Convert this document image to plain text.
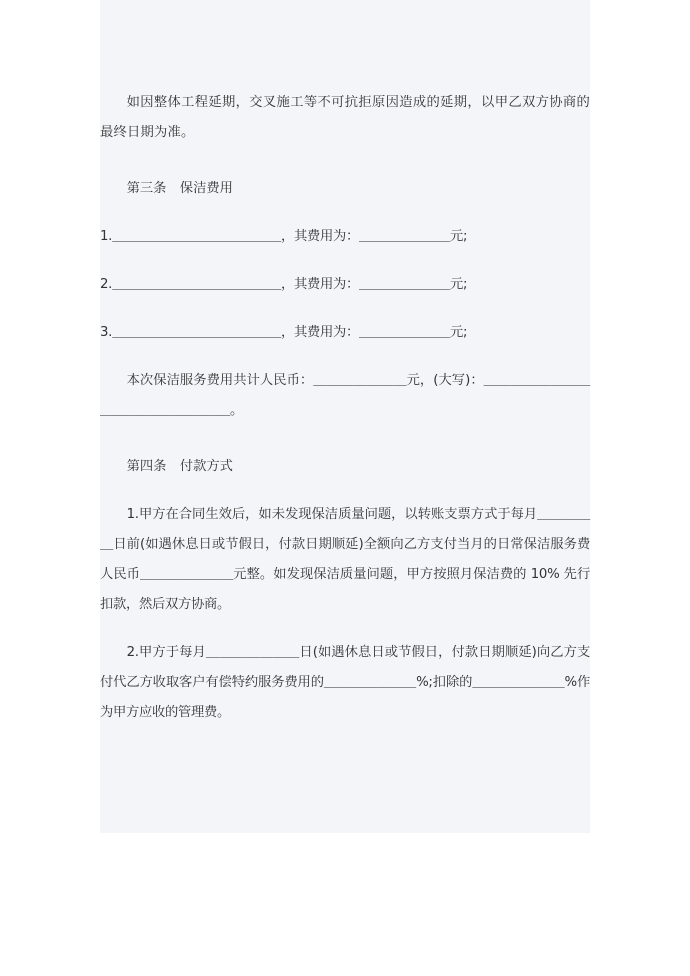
如因整体工程延期，交叉施工等不可抗拒原因造成的延期，以甲乙双方协商的最终日期为准。

第三条　保洁费用

1.＿＿＿＿＿＿＿＿＿＿＿＿＿，其费用为：＿＿＿＿＿＿＿元;

2.＿＿＿＿＿＿＿＿＿＿＿＿＿，其费用为：＿＿＿＿＿＿＿元;

3.＿＿＿＿＿＿＿＿＿＿＿＿＿，其费用为：＿＿＿＿＿＿＿元;

本次保洁服务费用共计人民币：＿＿＿＿＿＿＿元，(大写)：＿＿＿＿＿＿＿＿＿＿＿＿＿＿＿＿＿＿。

第四条　付款方式

1.甲方在合同生效后，如未发现保洁质量问题，以转账支票方式于每月＿＿＿＿＿日前(如遇休息日或节假日，付款日期顺延)全额向乙方支付当月的日常保洁服务费人民币＿＿＿＿＿＿＿元整。如发现保洁质量问题，甲方按照月保洁费的 10% 先行扣款，然后双方协商。

2.甲方于每月＿＿＿＿＿＿＿日(如遇休息日或节假日，付款日期顺延)向乙方支付代乙方收取客户有偿特约服务费用的＿＿＿＿＿＿＿%;扣除的＿＿＿＿＿＿＿%作为甲方应收的管理费。
